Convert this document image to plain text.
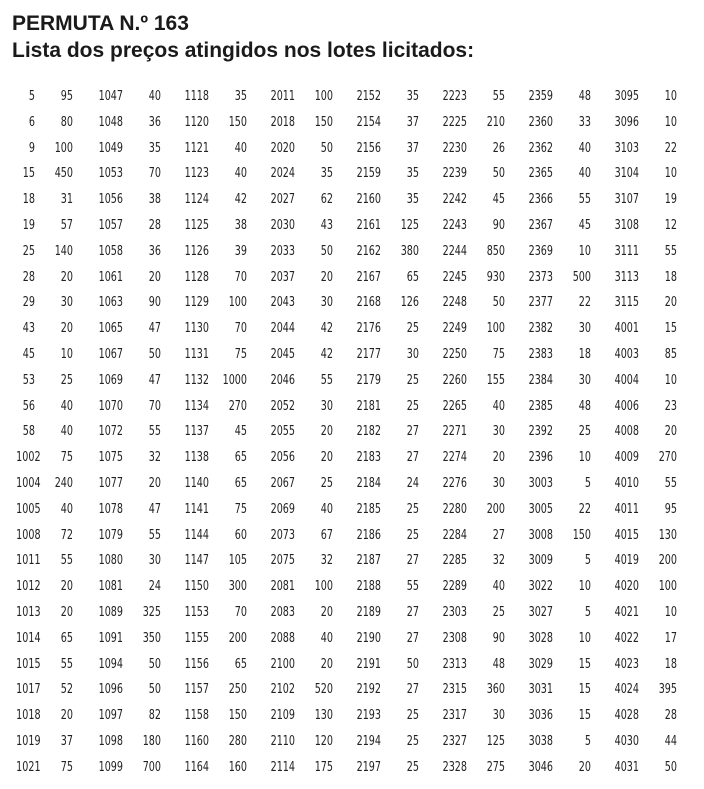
PERMUTA N.º 163
Lista dos preços atingidos nos lotes licitados:
5
6
9
15
18
19
25
28
29
43
45
53
56
58
1002
1004
1005
1008
1011
1012
1013
1014
1015
1017
1018
1019
1021
95
80
100
450
31
57
140
20
30
20
10
25
40
40
75
240
40
72
55
20
20
65
55
52
20
37
75
1047
1048
1049
1053
1056
1057
1058
1061
1063
1065
1067
1069
1070
1072
1075
1077
1078
1079
1080
1081
1089
1091
1094
1096
1097
1098
1099
40
36
35
70
38
28
36
20
90
47
50
47
70
55
32
20
47
55
30
24
325
350
50
50
82
180
700
1118
1120
1121
1123
1124
1125
1126
1128
1129
1130
1131
1132
1134
1137
1138
1140
1141
1144
1147
1150
1153
1155
1156
1157
1158
1160
1164
35
150
40
40
42
38
39
70
100
70
75
1000
270
45
65
65
75
60
105
300
70
200
65
250
150
280
160
2011
2018
2020
2024
2027
2030
2033
2037
2043
2044
2045
2046
2052
2055
2056
2067
2069
2073
2075
2081
2083
2088
2100
2102
2109
2110
2114
100
150
50
35
62
43
50
20
30
42
42
55
30
20
20
25
40
67
32
100
20
40
20
520
130
120
175
2152
2154
2156
2159
2160
2161
2162
2167
2168
2176
2177
2179
2181
2182
2183
2184
2185
2186
2187
2188
2189
2190
2191
2192
2193
2194
2197
35
37
37
35
35
125
380
65
126
25
30
25
25
27
27
24
25
25
27
55
27
27
50
27
25
25
25
2223
2225
2230
2239
2242
2243
2244
2245
2248
2249
2250
2260
2265
2271
2274
2276
2280
2284
2285
2289
2303
2308
2313
2315
2317
2327
2328
55
210
26
50
45
90
850
930
50
100
75
155
40
30
20
30
200
27
32
40
25
90
48
360
30
125
275
2359
2360
2362
2365
2366
2367
2369
2373
2377
2382
2383
2384
2385
2392
2396
3003
3005
3008
3009
3022
3027
3028
3029
3031
3036
3038
3046
48
33
40
40
55
45
10
500
22
30
18
30
48
25
10
5
22
150
5
10
5
10
15
15
15
5
20
3095
3096
3103
3104
3107
3108
3111
3113
3115
4001
4003
4004
4006
4008
4009
4010
4011
4015
4019
4020
4021
4022
4023
4024
4028
4030
4031
10
10
22
10
19
12
55
18
20
15
85
10
23
20
270
55
95
130
200
100
10
17
18
395
28
44
50
